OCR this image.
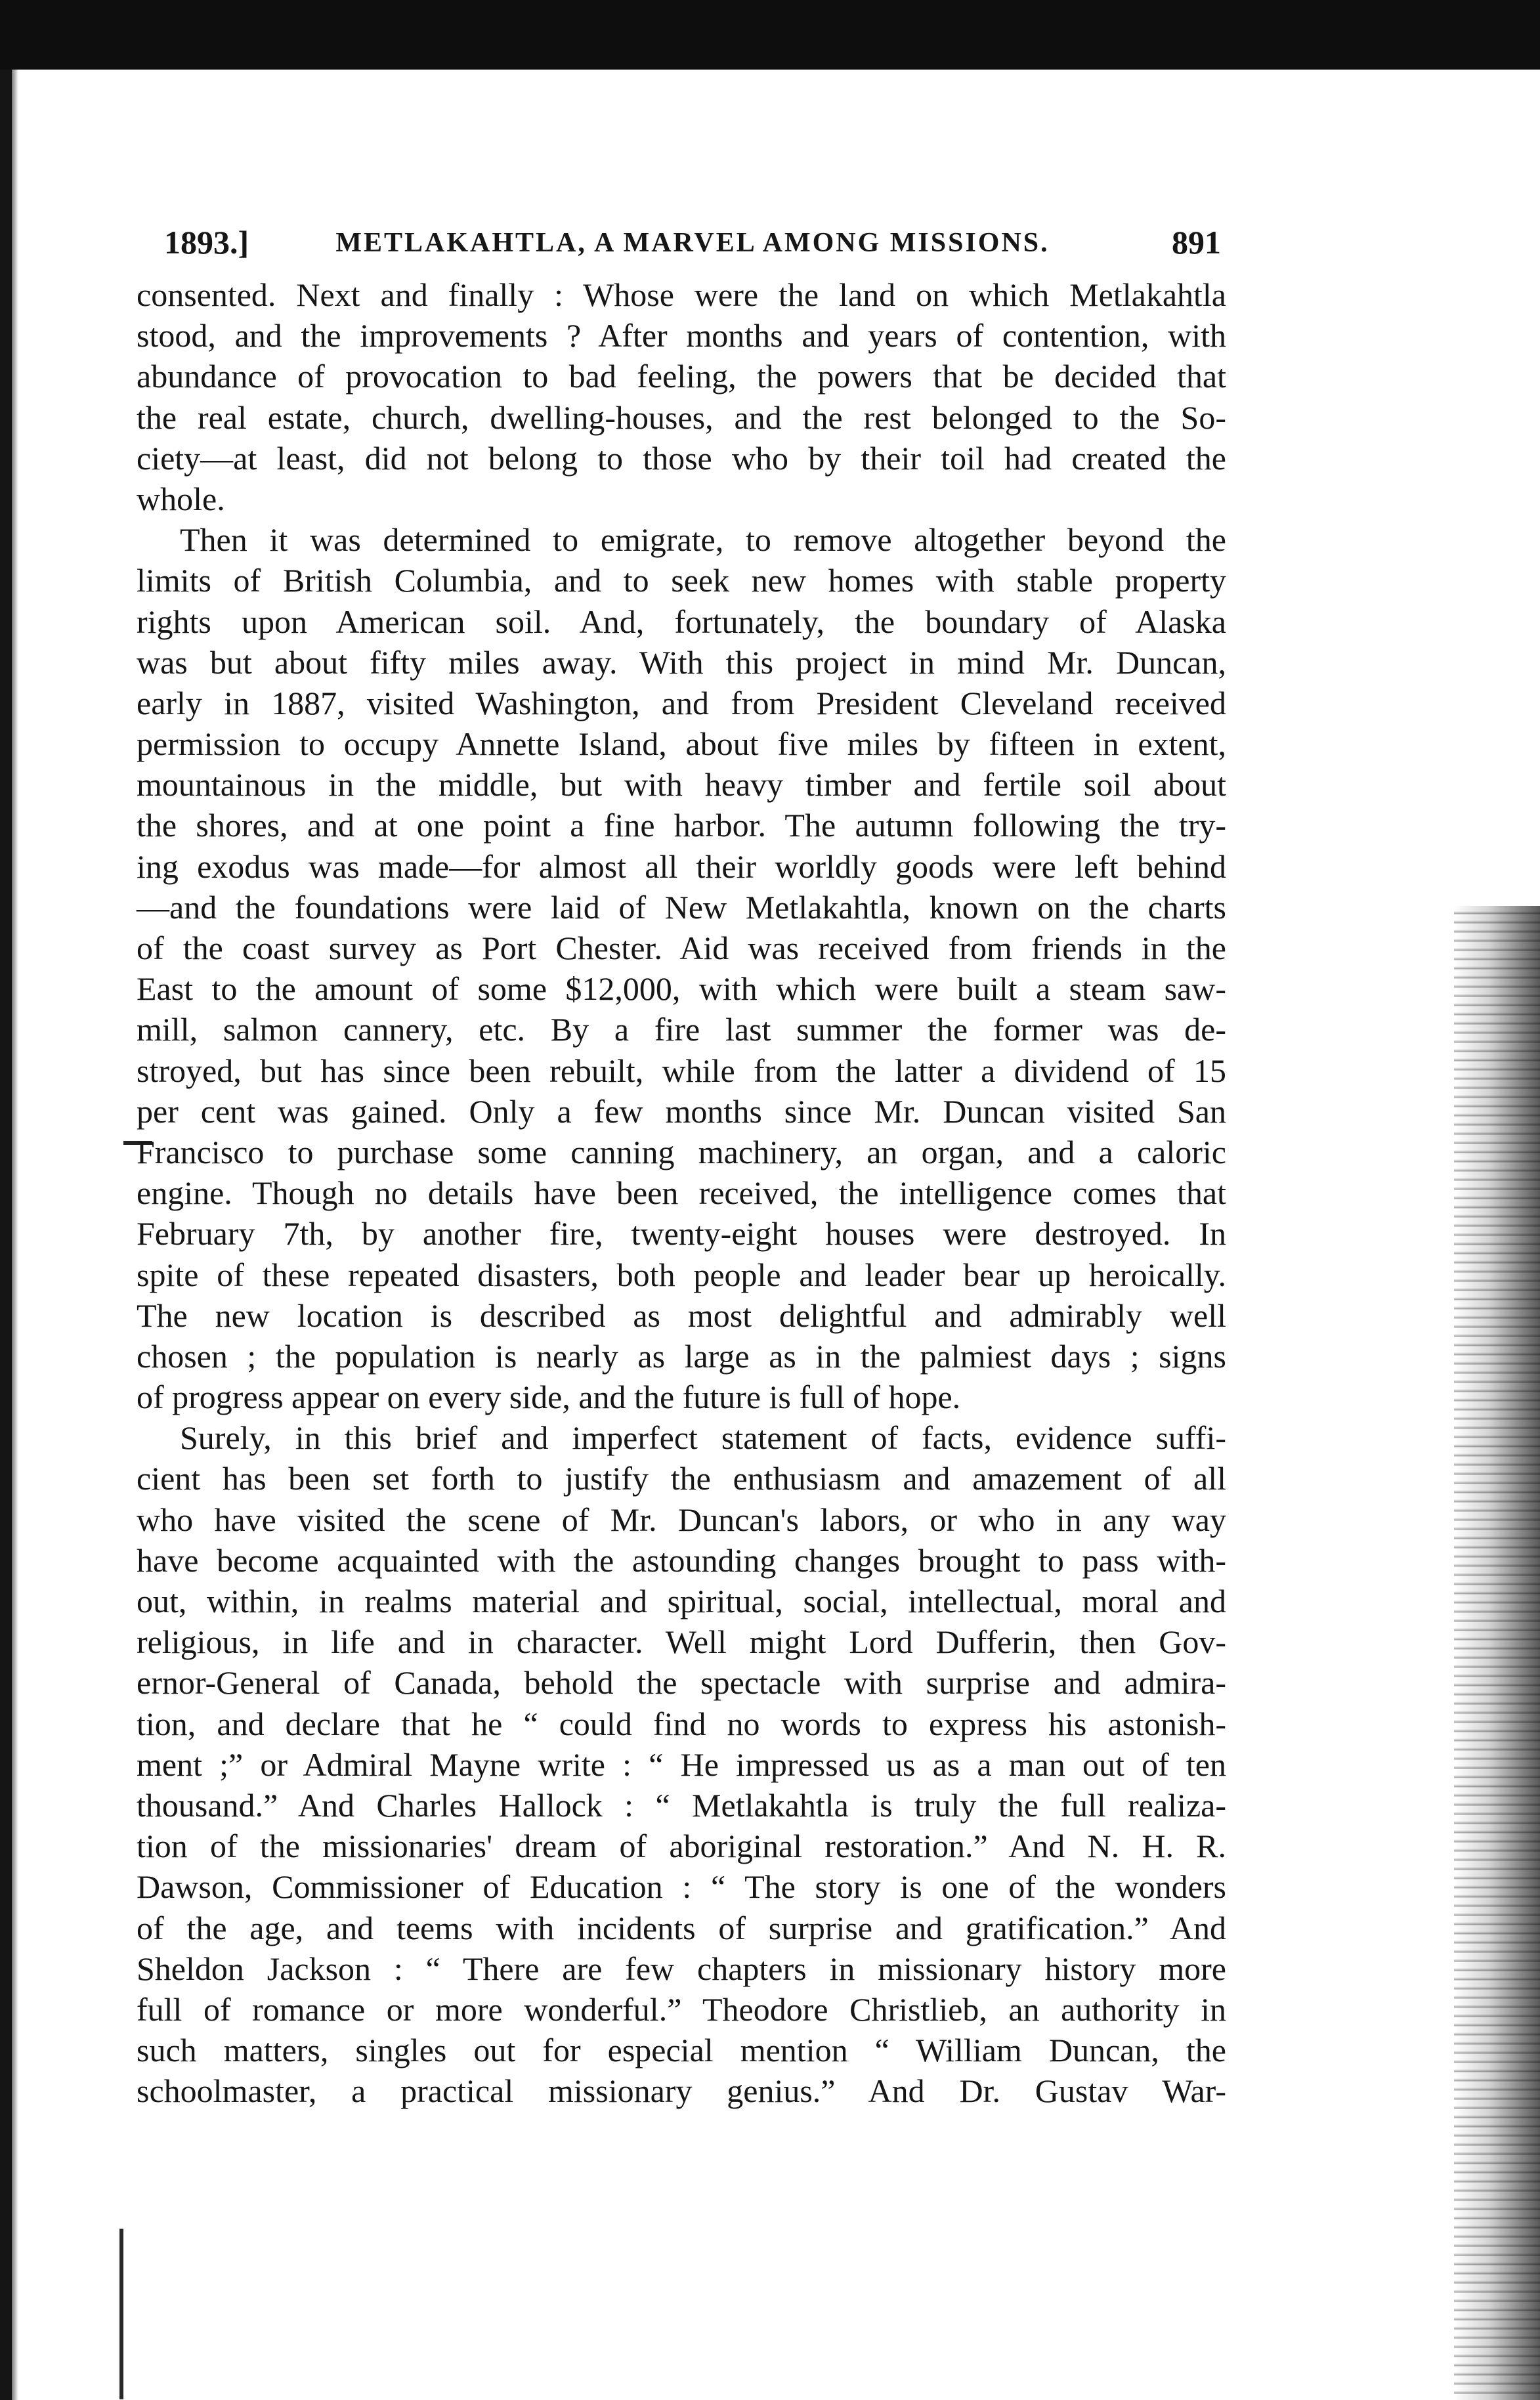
1893.]	METLAKAHTLA, A MARVEL AMONG MISSIONS.	891
consented. Next and finally : Whose were the land on which Metlakahtla
stood, and the improvements ? After months and years of contention, with
abundance of provocation to bad feeling, the powers that be decided that
the real estate, church, dwelling-houses, and the rest belonged to the So-
ciety—at least, did not belong to those who by their toil had created the
whole.
Then it was determined to emigrate, to remove altogether beyond the
limits of British Columbia, and to seek new homes with stable property
rights upon American soil. And, fortunately, the boundary of Alaska
was but about fifty miles away. With this project in mind Mr. Duncan,
early in 1887, visited Washington, and from President Cleveland received
permission to occupy Annette Island, about five miles by fifteen in extent,
mountainous in the middle, but with heavy timber and fertile soil about
the shores, and at one point a fine harbor. The autumn following the try-
ing exodus was made—for almost all their worldly goods were left behind
—and the foundations were laid of New Metlakahtla, known on the charts
of the coast survey as Port Chester. Aid was received from friends in the
East to the amount of some $12,000, with which were built a steam saw-
mill, salmon cannery, etc. By a fire last summer the former was de-
stroyed, but has since been rebuilt, while from the latter a dividend of 15
per cent was gained. Only a few months since Mr. Duncan visited San
Francisco to purchase some canning machinery, an organ, and a caloric
engine. Though no details have been received, the intelligence comes that
February 7th, by another fire, twenty-eight houses were destroyed. In
spite of these repeated disasters, both people and leader bear up heroically.
The new location is described as most delightful and admirably well
chosen ; the population is nearly as large as in the palmiest days ; signs
of progress appear on every side, and the future is full of hope.
Surely, in this brief and imperfect statement of facts, evidence suffi-
cient has been set forth to justify the enthusiasm and amazement of all
who have visited the scene of Mr. Duncan's labors, or who in any way
have become acquainted with the astounding changes brought to pass with-
out, within, in realms material and spiritual, social, intellectual, moral and
religious, in life and in character. Well might Lord Dufferin, then Gov-
ernor-General of Canada, behold the spectacle with surprise and admira-
tion, and declare that he “ could find no words to express his astonish-
ment ;” or Admiral Mayne write : “ He impressed us as a man out of ten
thousand.” And Charles Hallock : “ Metlakahtla is truly the full realiza-
tion of the missionaries' dream of aboriginal restoration.” And N. H. R.
Dawson, Commissioner of Education : “ The story is one of the wonders
of the age, and teems with incidents of surprise and gratification.” And
Sheldon Jackson : “ There are few chapters in missionary history more
full of romance or more wonderful.” Theodore Christlieb, an authority in
such matters, singles out for especial mention “ William Duncan, the
schoolmaster, a practical missionary genius.” And Dr. Gustav War-
